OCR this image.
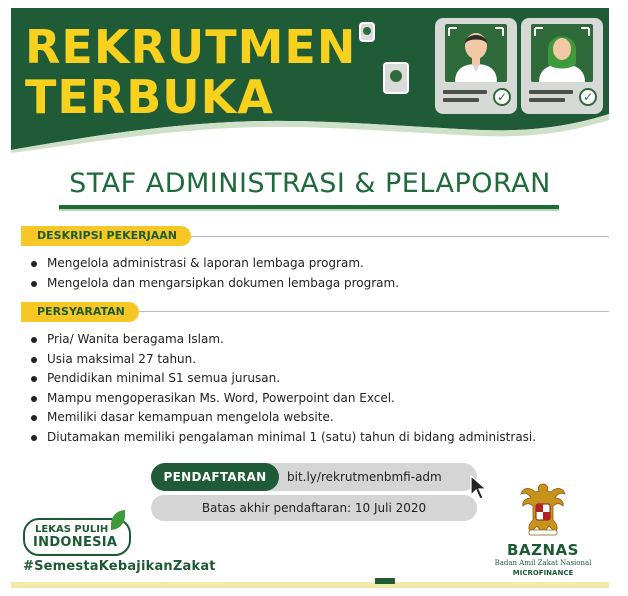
REKRUTMEN
TERBUKA	✓	✓
STAF ADMINISTRASI & PELAPORAN
DESKRIPSI PEKERJAAN
Mengelola administrasi & laporan lembaga program.
Mengelola dan mengarsipkan dokumen lembaga program.
PERSYARATAN
Pria/ Wanita beragama Islam.
Usia maksimal 27 tahun.
Pendidikan minimal S1 semua jurusan.
Mampu mengoperasikan Ms. Word, Powerpoint dan Excel.
Memiliki dasar kemampuan mengelola website.
Diutamakan memiliki pengalaman minimal 1 (satu) tahun di bidang administrasi.
PENDAFTARAN	bit.ly/rekrutmenbmfi-adm
Batas akhir pendaftaran: 10 Juli 2020
LEKAS PULIH
INDONESIA
#SemestaKebajikanZakat
BAZNAS
Badan Amil Zakat Nasional
MICROFINANCE
